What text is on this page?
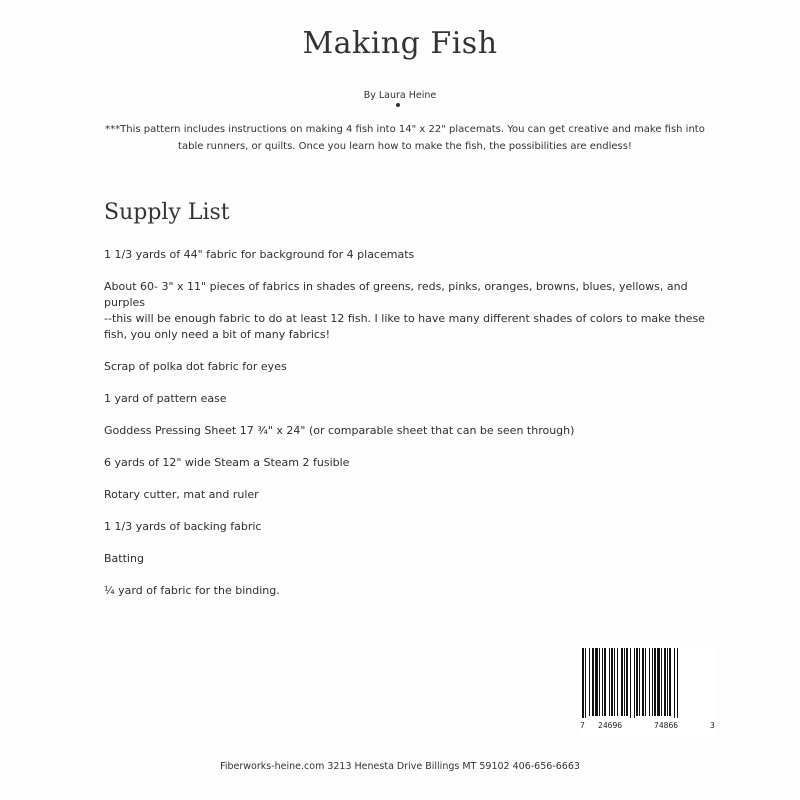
Making Fish
By Laura Heine
***This pattern includes instructions on making 4 fish into 14" x 22" placemats. You can get creative and make fish into table runners, or quilts. Once you learn how to make the fish, the possibilities are endless!
Supply List
1 1/3 yards of 44" fabric for background for 4 placemats
About 60- 3" x 11" pieces of fabrics in shades of greens, reds, pinks, oranges, browns, blues, yellows, and purples
--this will be enough fabric to do at least 12 fish. I like to have many different shades of colors to make these fish, you only need a bit of many fabrics!
Scrap of polka dot fabric for eyes
1 yard of pattern ease
Goddess Pressing Sheet 17 ¾" x 24" (or comparable sheet that can be seen through)
6 yards of 12" wide Steam a Steam 2 fusible
Rotary cutter, mat and ruler
1 1/3 yards of backing fabric
Batting
¼ yard of fabric for the binding.
7 24696	74866	3
Fiberworks-heine.com 3213 Henesta Drive Billings MT 59102 406-656-6663
